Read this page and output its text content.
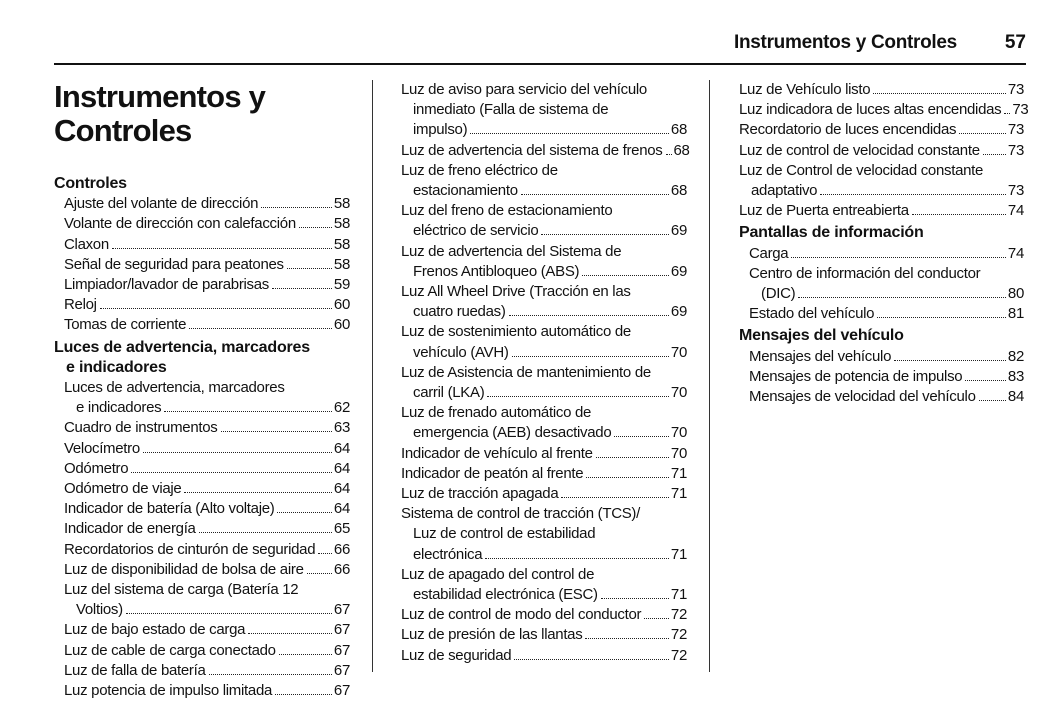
Instrumentos y Controles	57
Instrumentos y Controles
Controles
Ajuste del volante de dirección	58
Volante de dirección con calefacción	58
Claxon	58
Señal de seguridad para peatones	58
Limpiador/lavador de parabrisas	59
Reloj	60
Tomas de corriente	60
Luces de advertencia, marcadores
e indicadores
Luces de advertencia, marcadores
e indicadores	62
Cuadro de instrumentos	63
Velocímetro	64
Odómetro	64
Odómetro de viaje	64
Indicador de batería (Alto voltaje)	64
Indicador de energía	65
Recordatorios de cinturón de seguridad 66
Luz de disponibilidad de bolsa de aire 66
Luz del sistema de carga (Batería 12
Voltios)	67
Luz de bajo estado de carga	67
Luz de cable de carga conectado	67
Luz de falla de batería	67
Luz potencia de impulso limitada	67
Luz de aviso para servicio del vehículo
inmediato (Falla de sistema de
impulso)	68
Luz de advertencia del sistema de frenos 68
Luz de freno eléctrico de
estacionamiento	68
Luz del freno de estacionamiento
eléctrico de servicio	69
Luz de advertencia del Sistema de
Frenos Antibloqueo (ABS)	69
Luz All Wheel Drive (Tracción en las
cuatro ruedas)	69
Luz de sostenimiento automático de
vehículo (AVH)	70
Luz de Asistencia de mantenimiento de
carril (LKA)	70
Luz de frenado automático de
emergencia (AEB) desactivado	70
Indicador de vehículo al frente	70
Indicador de peatón al frente	71
Luz de tracción apagada	71
Sistema de control de tracción (TCS)/
Luz de control de estabilidad
electrónica	71
Luz de apagado del control de
estabilidad electrónica (ESC)	71
Luz de control de modo del conductor 72
Luz de presión de las llantas	72
Luz de seguridad	72
Luz de Vehículo listo	73
Luz indicadora de luces altas encendidas 73
Recordatorio de luces encendidas	73
Luz de control de velocidad constante 73
Luz de Control de velocidad constante
adaptativo	73
Luz de Puerta entreabierta	74
Pantallas de información
Carga	74
Centro de información del conductor
(DIC)	80
Estado del vehículo	81
Mensajes del vehículo
Mensajes del vehículo	82
Mensajes de potencia de impulso	83
Mensajes de velocidad del vehículo 84
